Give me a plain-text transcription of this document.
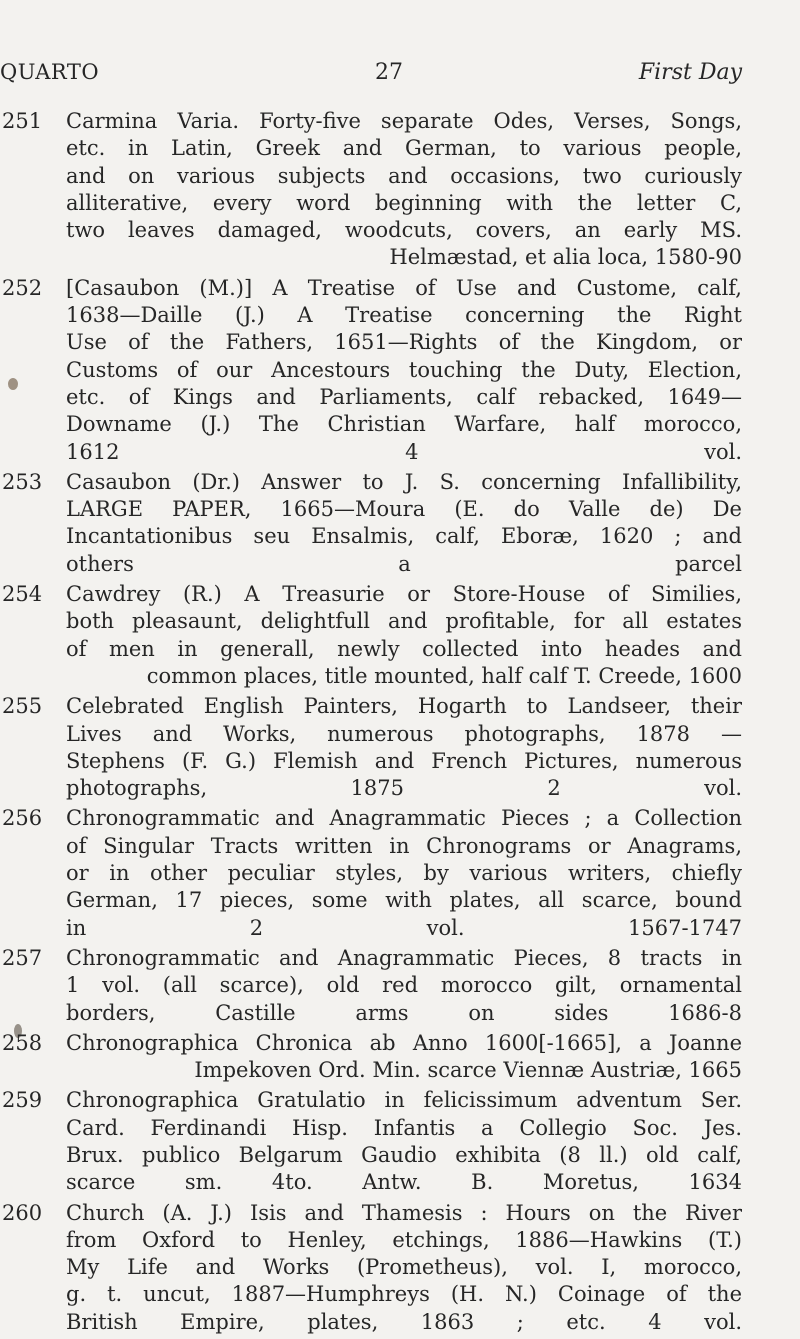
QUARTO	27	First Day
251 Carmina Varia. Forty-five separate Odes, Verses, Songs,
etc. in Latin, Greek and German, to various people,
and on various subjects and occasions, two curiously
alliterative, every word beginning with the letter C,
two leaves damaged, woodcuts, covers, an early MS.
Helmæstad, et alia loca, 1580-90
252 [Casaubon (M.)] A Treatise of Use and Custome, calf,
1638—Daille (J.) A Treatise concerning the Right
Use of the Fathers, 1651—Rights of the Kingdom, or
Customs of our Ancestours touching the Duty, Election,
etc. of Kings and Parliaments, calf rebacked, 1649—
Downame (J.) The Christian Warfare, half morocco,
1612 4 vol.
253 Casaubon (Dr.) Answer to J. S. concerning Infallibility,
LARGE PAPER, 1665—Moura (E. do Valle de) De
Incantationibus seu Ensalmis, calf, Eboræ, 1620 ; and
others a parcel
254 Cawdrey (R.) A Treasurie or Store-House of Similies,
both pleasaunt, delightfull and profitable, for all estates
of men in generall, newly collected into heades and
common places, title mounted, half calf T. Creede, 1600
255 Celebrated English Painters, Hogarth to Landseer, their
Lives and Works, numerous photographs, 1878 —
Stephens (F. G.) Flemish and French Pictures, numerous
photographs, 1875 2 vol.
256 Chronogrammatic and Anagrammatic Pieces ; a Collection
of Singular Tracts written in Chronograms or Anagrams,
or in other peculiar styles, by various writers, chiefly
German, 17 pieces, some with plates, all scarce, bound
in 2 vol. 1567-1747
257 Chronogrammatic and Anagrammatic Pieces, 8 tracts in
1 vol. (all scarce), old red morocco gilt, ornamental
borders, Castille arms on sides 1686-8
258 Chronographica Chronica ab Anno 1600[-1665], a Joanne
Impekoven Ord. Min. scarce Viennæ Austriæ, 1665
259 Chronographica Gratulatio in felicissimum adventum Ser.
Card. Ferdinandi Hisp. Infantis a Collegio Soc. Jes.
Brux. publico Belgarum Gaudio exhibita (8 ll.) old calf,
scarce sm. 4to. Antw. B. Moretus, 1634
260 Church (A. J.) Isis and Thamesis : Hours on the River
from Oxford to Henley, etchings, 1886—Hawkins (T.)
My Life and Works (Prometheus), vol. I, morocco,
g. t. uncut, 1887—Humphreys (H. N.) Coinage of the
British Empire, plates, 1863 ; etc. 4 vol.
